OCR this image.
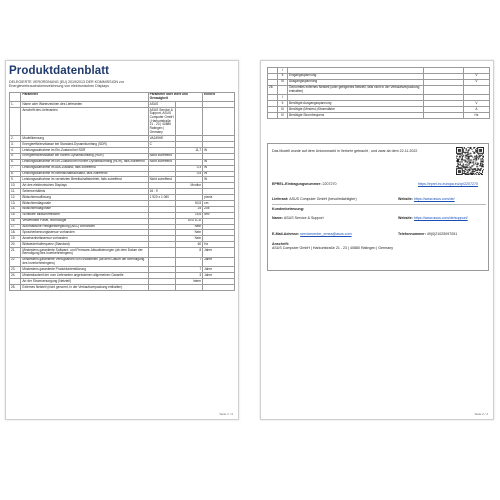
Produktdatenblatt
DELEGIERTE VERORDNUNG (EU) 2019/2013 DER KOMMISSION zur Energieverbrauchskennzeichnung von elektronischen Displays
	Parameter	Parameter oder Wert und Genauigkeit		Einheit
1.	Name oder Warenzeichen des Lieferanten	ASUS		
	Anschrift des Lieferanten	ASUS Service & Support, ASUS Computer GmbH | Harkortstraße 21 - 23 | 40880 Ratingen | Germany		
2.	Modellkennung	VA249HE		
3.	Energieeffizienzklasse bei Standard-Dynamikumfang (SDR)	C		
4.	Leistungsaufnahme im Ein-Zustand bei SDR		11,7	W
5.	Energieeffizienzklasse bei hohem Dynamikumfang (HDR)	Nicht zutreffend		
6.	Leistungsaufnahme im Ein-Zustand bei hohem Dynamikumfang (HDR), falls zutreffend	Nicht zutreffend		W
7.	Leistungsaufnahme im Aus-Zustand, falls zutreffend		0,3	W
8.	Leistungsaufnahme im Bereitschaftszustand, falls zutreffend		0,5	W
9.	Leistungsaufnahme im vernetzten Bereitschaftsbetrieb, falls zutreffend	Nicht zutreffend		W
10.	Art des elektronischen Displays		Monitor	
11.	Seitenverhältnis	16 : 9		
12.	Bildschirmauflösung	1 920 x 1 080		pixels
13.	Bildschirmdiagonale		60,5	cm
14.	Bildschirmdiagonale		24	Zoll
15.	Sichtbare Bildschirmfläche		15,6	dm²
16.	Verwendete Panel-Technologie		LED LCD	
17.	Automatische Helligkeitsregelung (ABC) vorhanden		Nein	
18.	Spracherkennungssensor vorhanden		Nein	
19.	Anwesenheitssensor vorhanden		Nein	
20.	Bildwiederholfrequenz (Standard)		60	Hz
21.	Mindestens garantierte Software- und Firmware-Aktualisierungen (ab dem Datum der Beendigung des Inverkehrbringens)		8	Jahre
22.	Mindestens garantierte Verfügbarkeit von Ersatzteilen (ab dem Datum der Beendigung des Inverkehrbringens)		7	Jahre
23.	Mindestens garantierte Produktunterstützung		7	Jahre
24.	Mindestlaufzeit der vom Lieferanten angebotenen allgemeinen Garantie		3	Jahre
	Art der Stromversorgung (Netzteil)		Intern	
25.	Externes Netzteil (nicht genormt, in der Verkaufsverpackung enthalten)			
Seite 1 / 2
	I			
	II	Eingangsspannung		V
	III	Ausgangsspannung		V
26.		Genormtes externes Netzteil (oder geeignetes Netzteil, falls nicht in der Verkaufsverpackung enthalten)		
	I			
	II	Benötigte Ausgangsspannung		V
	III	Benötigte (Mindest-)Stromstärke		A
	IV	Benötigte Stromfrequenz		Hz
Das Modell wurde auf dem Unionsmarkt in Verkehr gebracht , und zwar ab dem 22.11.2022
EPREL-Eintragungsnummer: 2207270	https://eprel.ec.europa.eu/qr/2207270
Lieferant: ASUS Computer GmbH (bevollmächtigter)	Website: https://www.asus.com/de/
Kundenbetreuung:
Name: ASUS Service & Support	Website: https://www.asus.com/de/support/
E-Mail-Adresse: servicecenter_emea@asus.com	Telefonnummer: 49(0)21025097051
Anschrift:
ASUS Computer GmbH | Harkortstraße 21 - 23 | 40880 Ratingen | Germany
Seite 2 / 2
